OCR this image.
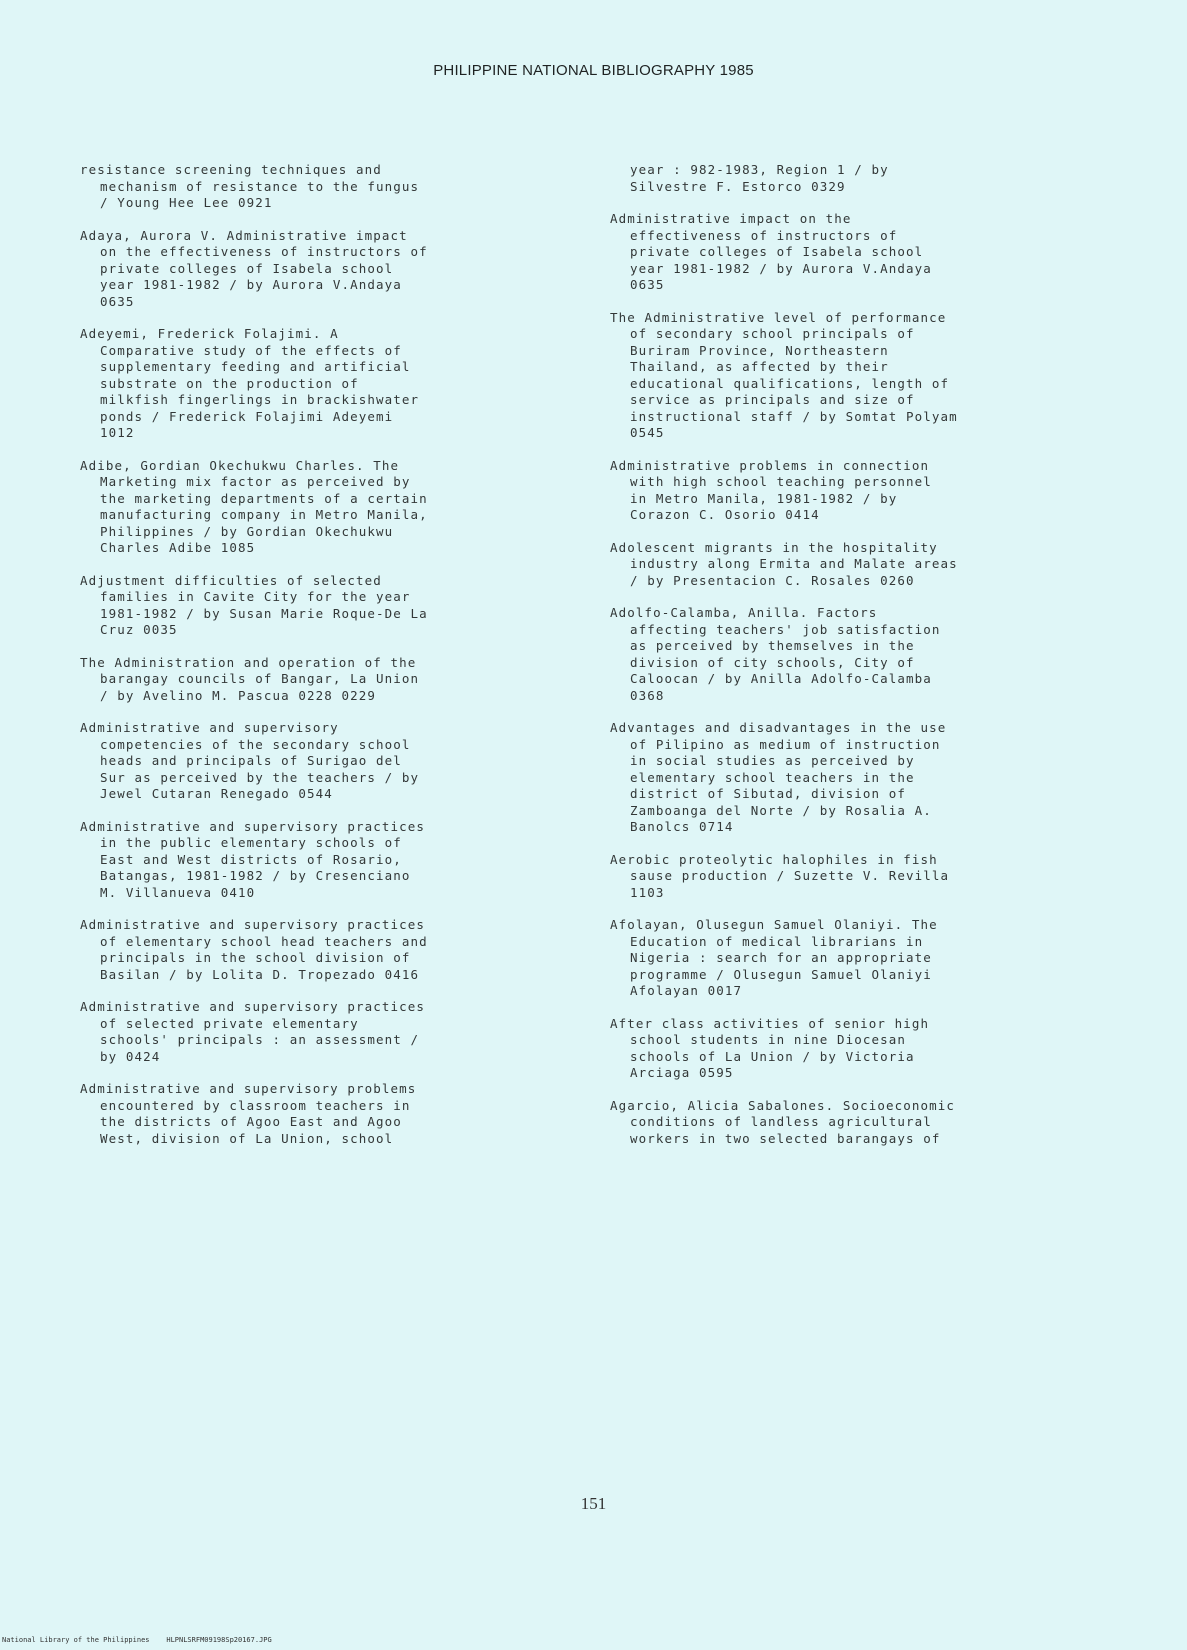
PHILIPPINE NATIONAL BIBLIOGRAPHY 1985
resistance screening techniques and
mechanism of resistance to the fungus
/ Young Hee Lee 0921
Adaya, Aurora V. Administrative impact
on the effectiveness of instructors of
private colleges of Isabela school
year 1981-1982 / by Aurora V.Andaya
0635
Adeyemi, Frederick Folajimi. A
Comparative study of the effects of
supplementary feeding and artificial
substrate on the production of
milkfish fingerlings in brackishwater
ponds / Frederick Folajimi Adeyemi
1012
Adibe, Gordian Okechukwu Charles. The
Marketing mix factor as perceived by
the marketing departments of a certain
manufacturing company in Metro Manila,
Philippines / by Gordian Okechukwu
Charles Adibe 1085
Adjustment difficulties of selected
families in Cavite City for the year
1981-1982 / by Susan Marie Roque-De La
Cruz 0035
The Administration and operation of the
barangay councils of Bangar, La Union
/ by Avelino M. Pascua 0228 0229
Administrative and supervisory
competencies of the secondary school
heads and principals of Surigao del
Sur as perceived by the teachers / by
Jewel Cutaran Renegado 0544
Administrative and supervisory practices
in the public elementary schools of
East and West districts of Rosario,
Batangas, 1981-1982 / by Cresenciano
M. Villanueva 0410
Administrative and supervisory practices
of elementary school head teachers and
principals in the school division of
Basilan / by Lolita D. Tropezado 0416
Administrative and supervisory practices
of selected private elementary
schools' principals : an assessment /
by 0424
Administrative and supervisory problems
encountered by classroom teachers in
the districts of Agoo East and Agoo
West, division of La Union, school
year : 982-1983, Region 1 / by
Silvestre F. Estorco 0329
Administrative impact on the
effectiveness of instructors of
private colleges of Isabela school
year 1981-1982 / by Aurora V.Andaya
0635
The Administrative level of performance
of secondary school principals of
Buriram Province, Northeastern
Thailand, as affected by their
educational qualifications, length of
service as principals and size of
instructional staff / by Somtat Polyam
0545
Administrative problems in connection
with high school teaching personnel
in Metro Manila, 1981-1982 / by
Corazon C. Osorio 0414
Adolescent migrants in the hospitality
industry along Ermita and Malate areas
/ by Presentacion C. Rosales 0260
Adolfo-Calamba, Anilla. Factors
affecting teachers' job satisfaction
as perceived by themselves in the
division of city schools, City of
Caloocan / by Anilla Adolfo-Calamba
0368
Advantages and disadvantages in the use
of Pilipino as medium of instruction
in social studies as perceived by
elementary school teachers in the
district of Sibutad, division of
Zamboanga del Norte / by Rosalia A.
Banolcs 0714
Aerobic proteolytic halophiles in fish
sause production / Suzette V. Revilla
1103
Afolayan, Olusegun Samuel Olaniyi. The
Education of medical librarians in
Nigeria : search for an appropriate
programme / Olusegun Samuel Olaniyi
Afolayan 0017
After class activities of senior high
school students in nine Diocesan
schools of La Union / by Victoria
Arciaga 0595
Agarcio, Alicia Sabalones. Socioeconomic
conditions of landless agricultural
workers in two selected barangays of
151
National Library of the Philippines    HLPNLSRFM09198Sp20167.JPG
